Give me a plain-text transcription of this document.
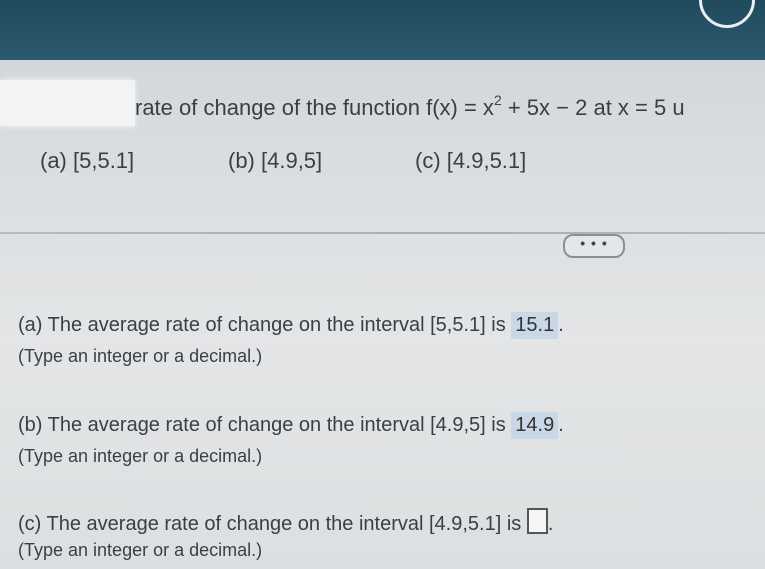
rate of change of the function $f(x) = x^2 + 5x - 2$ at x = 5 u
(a) [5,5.1]	(b) [4.9,5]	(c) [4.9,5.1]
• • •
(a) The average rate of change on the interval [5,5.1] is 15.1 .
(Type an integer or a decimal.)
(b) The average rate of change on the interval [4.9,5] is 14.9 .
(Type an integer or a decimal.)
(c) The average rate of change on the interval [4.9,5.1] is .
(Type an integer or a decimal.)
